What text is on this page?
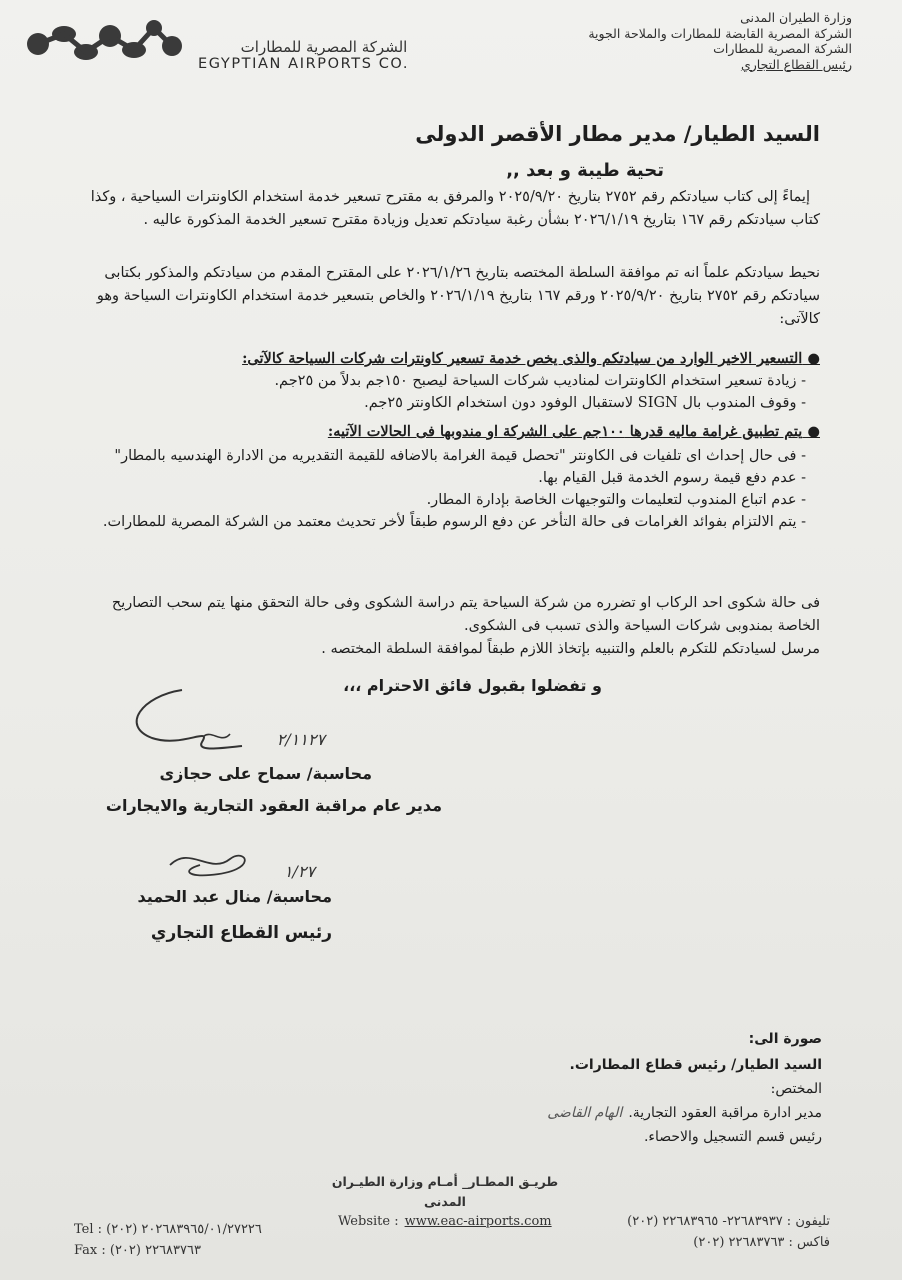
الشركة المصرية للمطارات
EGYPTIAN AIRPORTS CO.
وزارة الطيران المدنى
الشركة المصرية القابضة للمطارات والملاحة الجوية
الشركة المصرية للمطارات
رئيس القطاع التجاري
السيد الطيار/ مدير مطار الأقصر الدولى
تحية طيبة و بعد ,,
إيماءً إلى كتاب سيادتكم رقم ٢٧٥٢ بتاريخ ٢٠٢٥/٩/٢٠ والمرفق به مقترح تسعير خدمة استخدام الكاونترات السياحية ، وكذا كتاب سيادتكم رقم ١٦٧ بتاريخ ٢٠٢٦/١/١٩ بشأن رغبة سيادتكم تعديل وزيادة مقترح تسعير الخدمة المذكورة عاليه .
نحيط سيادتكم علماً انه تم موافقة السلطة المختصه بتاريخ ٢٠٢٦/١/٢٦ على المقترح المقدم من سيادتكم والمذكور بكتابى سيادتكم رقم ٢٧٥٢ بتاريخ ٢٠٢٥/٩/٢٠ ورقم ١٦٧ بتاريخ ٢٠٢٦/١/١٩ والخاص بتسعير خدمة استخدام الكاونترات السياحة وهو كالآتى:
● التسعير الاخير الوارد من سيادتكم والذى يخص خدمة تسعير كاونترات شركات السياحة كالآتى:
- زيادة تسعير استخدام الكاونترات لمناديب شركات السياحة ليصبح ١٥٠جم بدلاً من ٢٥جم.
- وقوف المندوب بال SIGN لاستقبال الوفود دون استخدام الكاونتر ٢٥جم.
● يتم تطبيق غرامة ماليه قدرها ١٠٠جم على الشركة او مندوبها فى الحالات الآتيه:
- فى حال إحداث اى تلفيات فى الكاونتر "تحصل قيمة الغرامة بالاضافه للقيمة التقديريه من الادارة الهندسيه بالمطار"
- عدم دفع قيمة رسوم الخدمة قبل القيام بها.
- عدم اتباع المندوب لتعليمات والتوجيهات الخاصة بإدارة المطار.
- يتم الالتزام بفوائد الغرامات فى حالة التأخر عن دفع الرسوم طبقاً لأخر تحديث معتمد من الشركة المصرية للمطارات.
فى حالة شكوى احد الركاب او تضرره من شركة السياحة يتم دراسة الشكوى وفى حالة التحقق منها يتم سحب التصاريح الخاصة بمندوبى شركات السياحة والذى تسبب فى الشكوى.
مرسل لسيادتكم للتكرم بالعلم والتنبيه بإتخاذ اللازم طبقاً لموافقة السلطة المختصه .
و تفضلوا بقبول فائق الاحترام ،،،
٢/١١٢٧
محاسبة/ سماح على حجازى
مدير عام مراقبة العقود التجارية والايجارات
١/٢٧
محاسبة/ منال عبد الحميد
رئيس القطاع التجاري
صورة الى:
السيد الطيار/ رئيس قطاع المطارات.
المختص:
مدير ادارة مراقبة العقود التجارية.الهام القاضى
رئيس قسم التسجيل والاحصاء.
طريـق المطـار_ أمـام وزارة الطيـران المدنى
Website : www.eac-airports.com	تليفون : ٢٢٦٨٣٩٣٧- ٢٢٦٨٣٩٦٥ (٢٠٢)
فاكس : ٢٢٦٨٣٧٦٣ (٢٠٢)
Tel : (٢٠٢) ٢٠٢٦٨٣٩٦٥/٠١/٢٧٢٢٦
Fax : (٢٠٢) ٢٢٦٨٣٧٦٣
